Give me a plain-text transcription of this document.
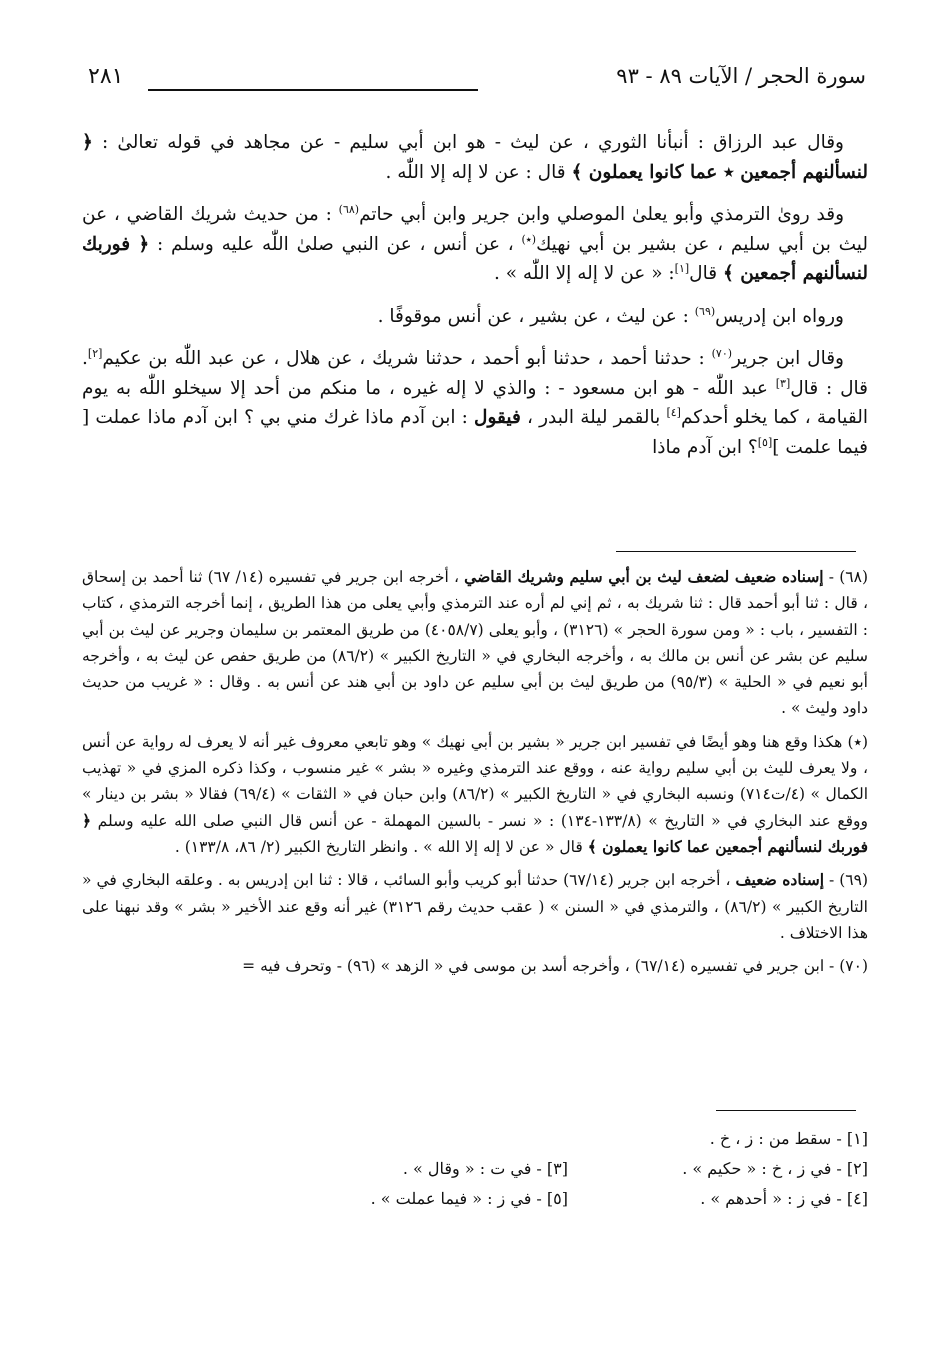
٢٨١	سورة الحجر / الآيات ٨٩ - ٩٣

وقال عبد الرزاق : أنبأنا الثوري ، عن ليث - هو ابن أبي سليم - عن مجاهد في قوله تعالىٰ : ﴿ لنسألنهم أجمعين ٭ عما كانوا يعملون ﴾ قال : عن لا إله إلا اللّٰه .

وقد روىٰ الترمذي وأبو يعلىٰ الموصلي وابن جرير وابن أبي حاتم$^{(٦٨)}$ : من حديث شريك القاضي ، عن ليث بن أبي سليم ، عن بشير بن أبي نهيك(٭) ، عن أنس ، عن النبي صلىٰ اللّٰه عليه وسلم : ﴿ فوربك لنسألنهم أجمعين ﴾ قال[١]: « عن لا إله إلا اللّٰه » .

ورواه ابن إدريس$^{(٦٩)}$ : عن ليث ، عن بشير ، عن أنس موقوفًا .

وقال ابن جرير$^{(٧٠)}$ : حدثنا أحمد ، حدثنا أبو أحمد ، حدثنا شريك ، عن هلال ، عن عبد اللّٰه بن عكيم[٢]. قال : قال[٣] عبد اللّٰه - هو ابن مسعود - : والذي لا إله غيره ، ما منكم من أحد إلا سيخلو اللّٰه به يوم القيامة ، كما يخلو أحدكم[٤] بالقمر ليلة البدر ، فيقول : ابن آدم ماذا غرك مني بي ؟ ابن آدم ماذا عملت [ فيما علمت ][٥]؟ ابن آدم ماذا

(٦٨) - إسناده ضعيف لضعف ليث بن أبي سليم وشريك القاضي ، أخرجه ابن جرير في تفسيره (١٤/ ٦٧) ثنا أحمد بن إسحاق ، قال : ثنا أبو أحمد قال : ثنا شريك به ، ثم إني لم أره عند الترمذي وأبي يعلى من هذا الطريق ، إنما أخرجه الترمذي ، كتاب : التفسير ، باب : « ومن سورة الحجر » (٣١٢٦) ، وأبو يعلى (٤٠٥٨/٧) من طريق المعتمر بن سليمان وجرير عن ليث بن أبي سليم عن بشر عن أنس بن مالك به ، وأخرجه البخاري في « التاريخ الكبير » (٨٦/٢) من طريق حفص عن ليث به ، وأخرجه أبو نعيم في « الحلية » (٩٥/٣) من طريق ليث بن أبي سليم عن داود بن أبي هند عن أنس به . وقال : « غريب من حديث داود وليث » .

(٭) هكذا وقع هنا وهو أيضًا في تفسير ابن جرير « بشير بن أبي نهيك » وهو تابعي معروف غير أنه لا يعرف له رواية عن أنس ، ولا يعرف لليث بن أبي سليم رواية عنه ، ووقع عند الترمذي وغيره « بشر » غير منسوب ، وكذا ذكره المزي في « تهذيب الكمال » (٤/ت٧١٤) ونسبه البخاري في « التاريخ الكبير » (٨٦/٢) وابن حبان في « الثقات » (٦٩/٤) فقالا « بشر بن دينار » ووقع عند البخاري في « التاريخ » (١٣٣/٨-١٣٤) : « نسر - بالسين المهملة - عن أنس قال النبي صلى الله عليه وسلم ﴿ فوربك لنسألنهم أجمعين عما كانوا يعملون ﴾ قال « عن لا إله إلا الله » . وانظر التاريخ الكبير (٢/ ٨٦، ١٣٣/٨) .

(٦٩) - إسناده ضعيف ، أخرجه ابن جرير (٦٧/١٤) حدثنا أبو كريب وأبو السائب ، قالا : ثنا ابن إدريس به . وعلقه البخاري في « التاريخ الكبير » (٨٦/٢) ، والترمذي في « السنن » ( عقب حديث رقم ٣١٢٦) غير أنه وقع عند الأخير « بشر » وقد نبهنا على هذا الاختلاف .

(٧٠) - ابن جرير في تفسيره (٦٧/١٤) ، وأخرجه أسد بن موسى في « الزهد » (٩٦) - وتحرف فيه =

[١] - سقط من : ز ، خ .
[٢] - في ز ، خ : « حكيم » .
[٣] - في ت : « وقال » .
[٤] - في ز : « أحدهم » .
[٥] - في ز : « فيما عملت » .
